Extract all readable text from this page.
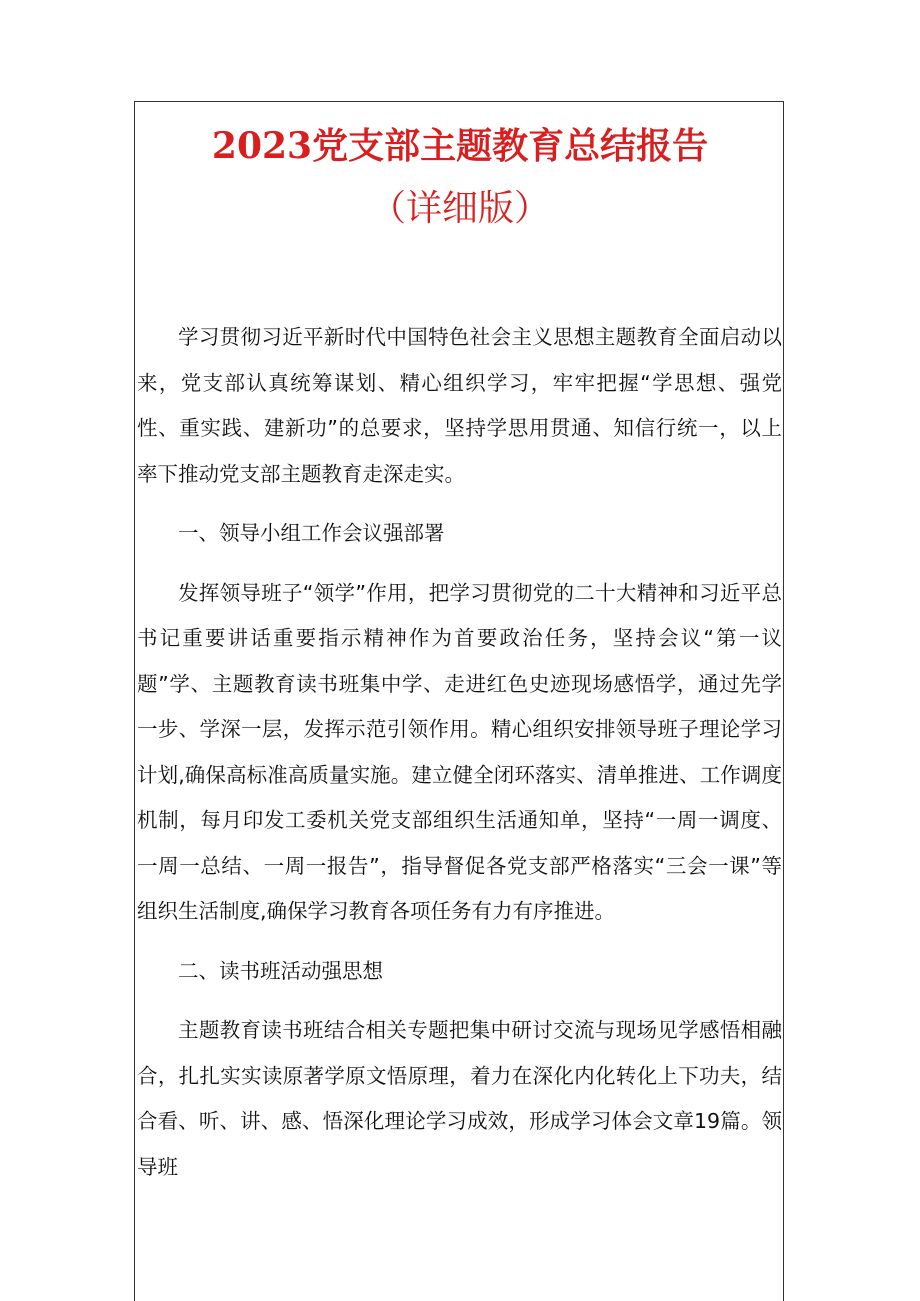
2023党支部主题教育总结报告
（详细版）

学习贯彻习近平新时代中国特色社会主义思想主题教育全面启动以来，党支部认真统筹谋划、精心组织学习，牢牢把握“学思想、强党性、重实践、建新功”的总要求，坚持学思用贯通、知信行统一，以上率下推动党支部主题教育走深走实。

一、领导小组工作会议强部署

发挥领导班子“领学”作用，把学习贯彻党的二十大精神和习近平总书记重要讲话重要指示精神作为首要政治任务，坚持会议“第一议题”学、主题教育读书班集中学、走进红色史迹现场感悟学，通过先学一步、学深一层，发挥示范引领作用。精心组织安排领导班子理论学习计划,确保高标准高质量实施。建立健全闭环落实、清单推进、工作调度机制，每月印发工委机关党支部组织生活通知单，坚持“一周一调度、一周一总结、一周一报告”，指导督促各党支部严格落实“三会一课”等组织生活制度,确保学习教育各项任务有力有序推进。

二、读书班活动强思想

主题教育读书班结合相关专题把集中研讨交流与现场见学感悟相融合，扎扎实实读原著学原文悟原理，着力在深化内化转化上下功夫，结合看、听、讲、感、悟深化理论学习成效，形成学习体会文章19篇。领导班
